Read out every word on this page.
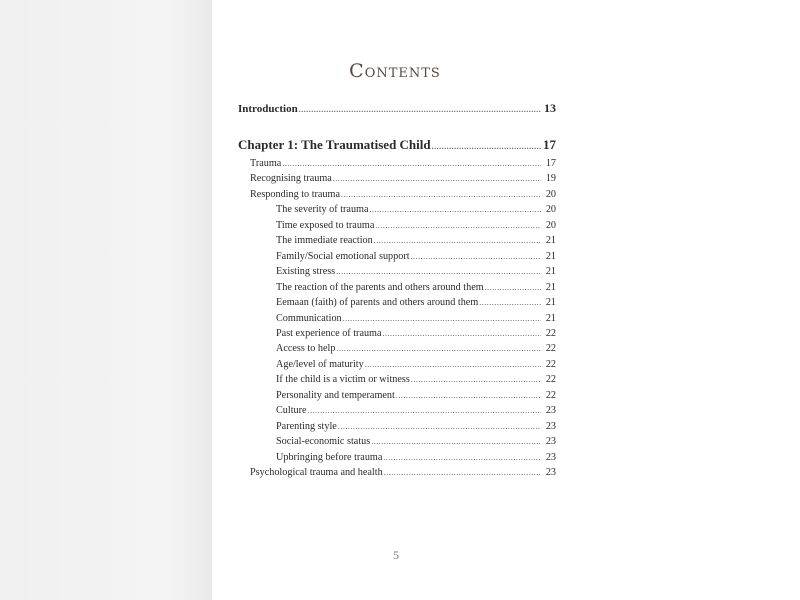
Contents
Introduction .....	13
Chapter 1: The Traumatised Child .....	17
Trauma .....	17
Recognising trauma .....	19
Responding to trauma .....	20
The severity of trauma .....	20
Time exposed to trauma .....	20
The immediate reaction .....	21
Family/Social emotional support .....	21
Existing stress .....	21
The reaction of the parents and others around them .....	21
Eemaan (faith) of parents and others around them .....	21
Communication .....	21
Past experience of trauma .....	22
Access to help .....	22
Age/level of maturity .....	22
If the child is a victim or witness .....	22
Personality and temperament .....	22
Culture .....	23
Parenting style .....	23
Social-economic status .....	23
Upbringing before trauma .....	23
Psychological trauma and health .....	23
5
